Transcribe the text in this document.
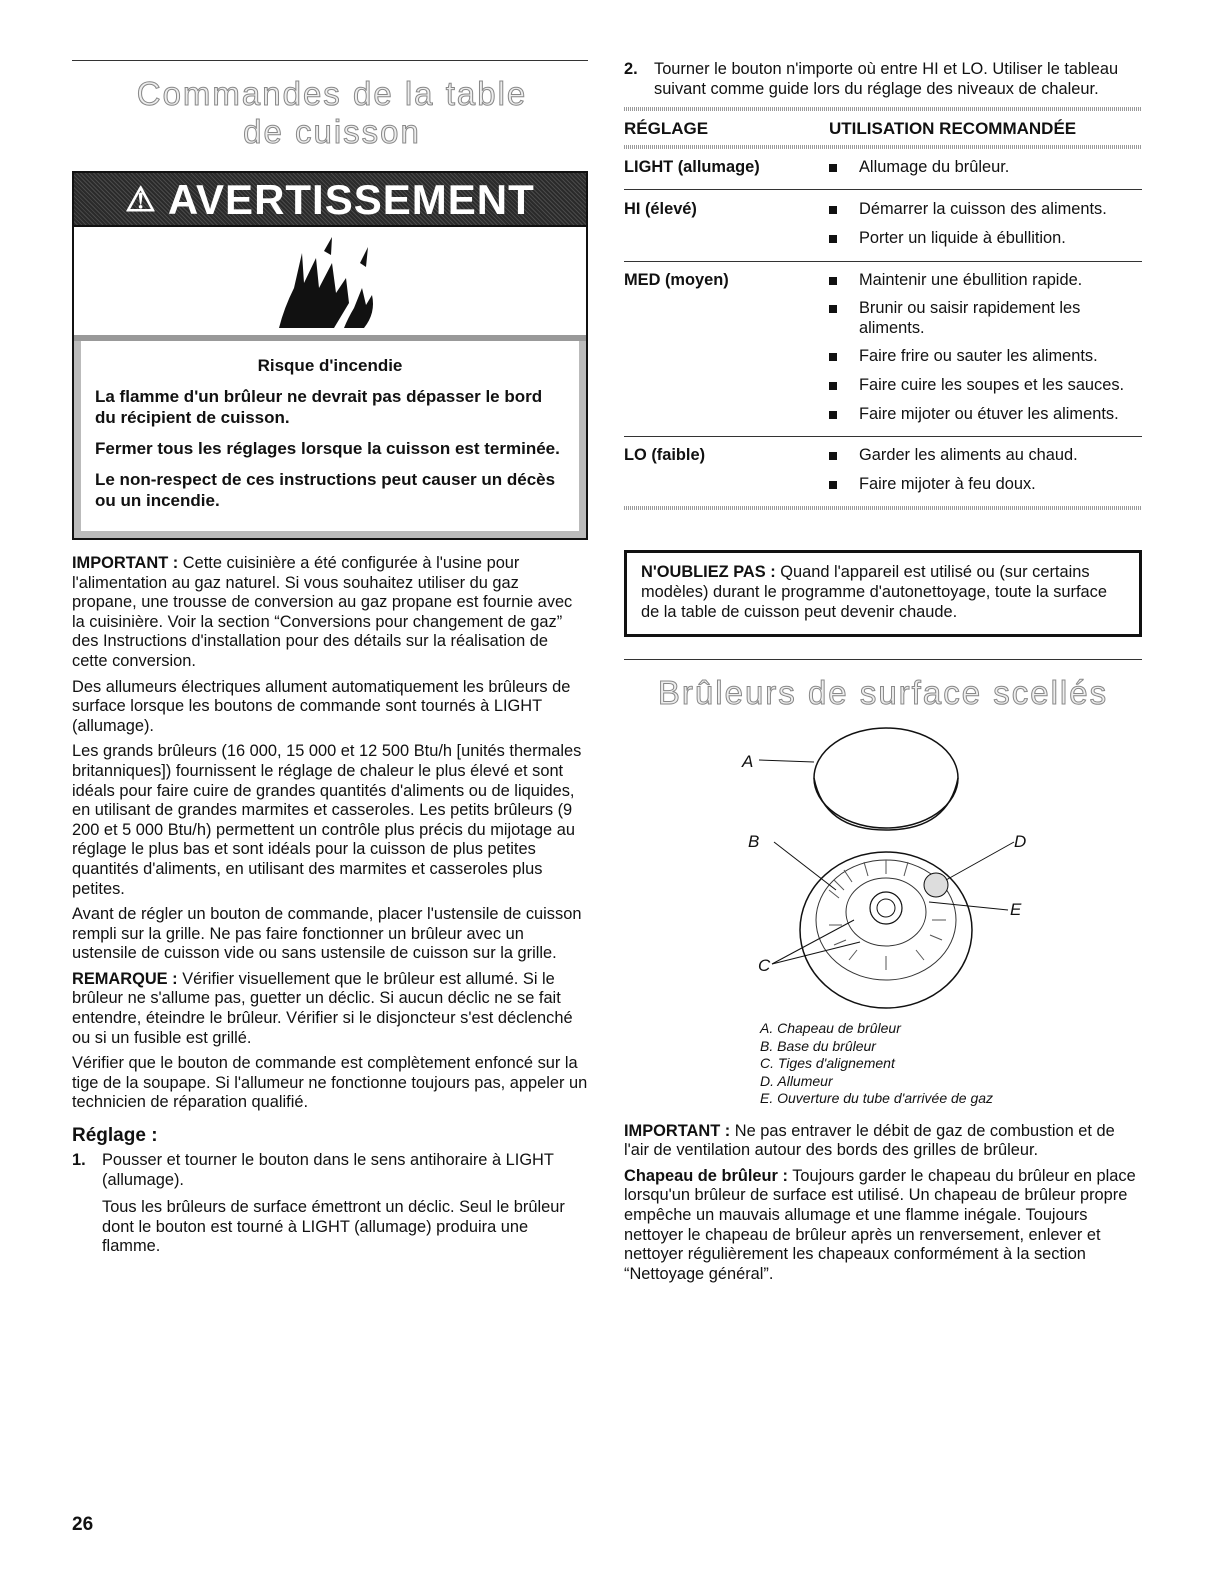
Commandes de la table de cuisson
⚠ AVERTISSEMENT
Risque d'incendie

La flamme d'un brûleur ne devrait pas dépasser le bord du récipient de cuisson.

Fermer tous les réglages lorsque la cuisson est terminée.

Le non-respect de ces instructions peut causer un décès ou un incendie.

IMPORTANT : Cette cuisinière a été configurée à l'usine pour l'alimentation au gaz naturel. Si vous souhaitez utiliser du gaz propane, une trousse de conversion au gaz propane est fournie avec la cuisinière. Voir la section “Conversions pour changement de gaz” des Instructions d'installation pour des détails sur la réalisation de cette conversion.

Des allumeurs électriques allument automatiquement les brûleurs de surface lorsque les boutons de commande sont tournés à LIGHT (allumage).

Les grands brûleurs (16 000, 15 000 et 12 500 Btu/h [unités thermales britanniques]) fournissent le réglage de chaleur le plus élevé et sont idéals pour faire cuire de grandes quantités d'aliments ou de liquides, en utilisant de grandes marmites et casseroles. Les petits brûleurs (9 200 et 5 000 Btu/h) permettent un contrôle plus précis du mijotage au réglage le plus bas et sont idéals pour la cuisson de plus petites quantités d'aliments, en utilisant des marmites et casseroles plus petites.

Avant de régler un bouton de commande, placer l'ustensile de cuisson rempli sur la grille. Ne pas faire fonctionner un brûleur avec un ustensile de cuisson vide ou sans ustensile de cuisson sur la grille.

REMARQUE : Vérifier visuellement que le brûleur est allumé. Si le brûleur ne s'allume pas, guetter un déclic. Si aucun déclic ne se fait entendre, éteindre le brûleur. Vérifier si le disjoncteur s'est déclenché ou si un fusible est grillé.

Vérifier que le bouton de commande est complètement enfoncé sur la tige de la soupape. Si l'allumeur ne fonctionne toujours pas, appeler un technicien de réparation qualifié.

Réglage :
1. Pousser et tourner le bouton dans le sens antihoraire à LIGHT (allumage).

Tous les brûleurs de surface émettront un déclic. Seul le brûleur dont le bouton est tourné à LIGHT (allumage) produira une flamme.

2. Tourner le bouton n'importe où entre HI et LO. Utiliser le tableau suivant comme guide lors du réglage des niveaux de chaleur.

RÉGLAGE	UTILISATION RECOMMANDÉE
LIGHT (allumage)	Allumage du brûleur.

HI (élevé)	Démarrer la cuisson des aliments.
Porter un liquide à ébullition.

MED (moyen)	Maintenir une ébullition rapide.
Brunir ou saisir rapidement les aliments.
Faire frire ou sauter les aliments.
Faire cuire les soupes et les sauces.
Faire mijoter ou étuver les aliments.

LO (faible)	Garder les aliments au chaud.
Faire mijoter à feu doux.
N'OUBLIEZ PAS : Quand l'appareil est utilisé ou (sur certains modèles) durant le programme d'autonettoyage, toute la surface de la table de cuisson peut devenir chaude.
Brûleurs de surface scellés
A
B
C
D
E
A. Chapeau de brûleur
B. Base du brûleur
C. Tiges d'alignement
D. Allumeur
E. Ouverture du tube d'arrivée de gaz

IMPORTANT : Ne pas entraver le débit de gaz de combustion et de l'air de ventilation autour des bords des grilles de brûleur.

Chapeau de brûleur : Toujours garder le chapeau du brûleur en place lorsqu'un brûleur de surface est utilisé. Un chapeau de brûleur propre empêche un mauvais allumage et une flamme inégale. Toujours nettoyer le chapeau de brûleur après un renversement, enlever et nettoyer régulièrement les chapeaux conformément à la section “Nettoyage général”.

26
